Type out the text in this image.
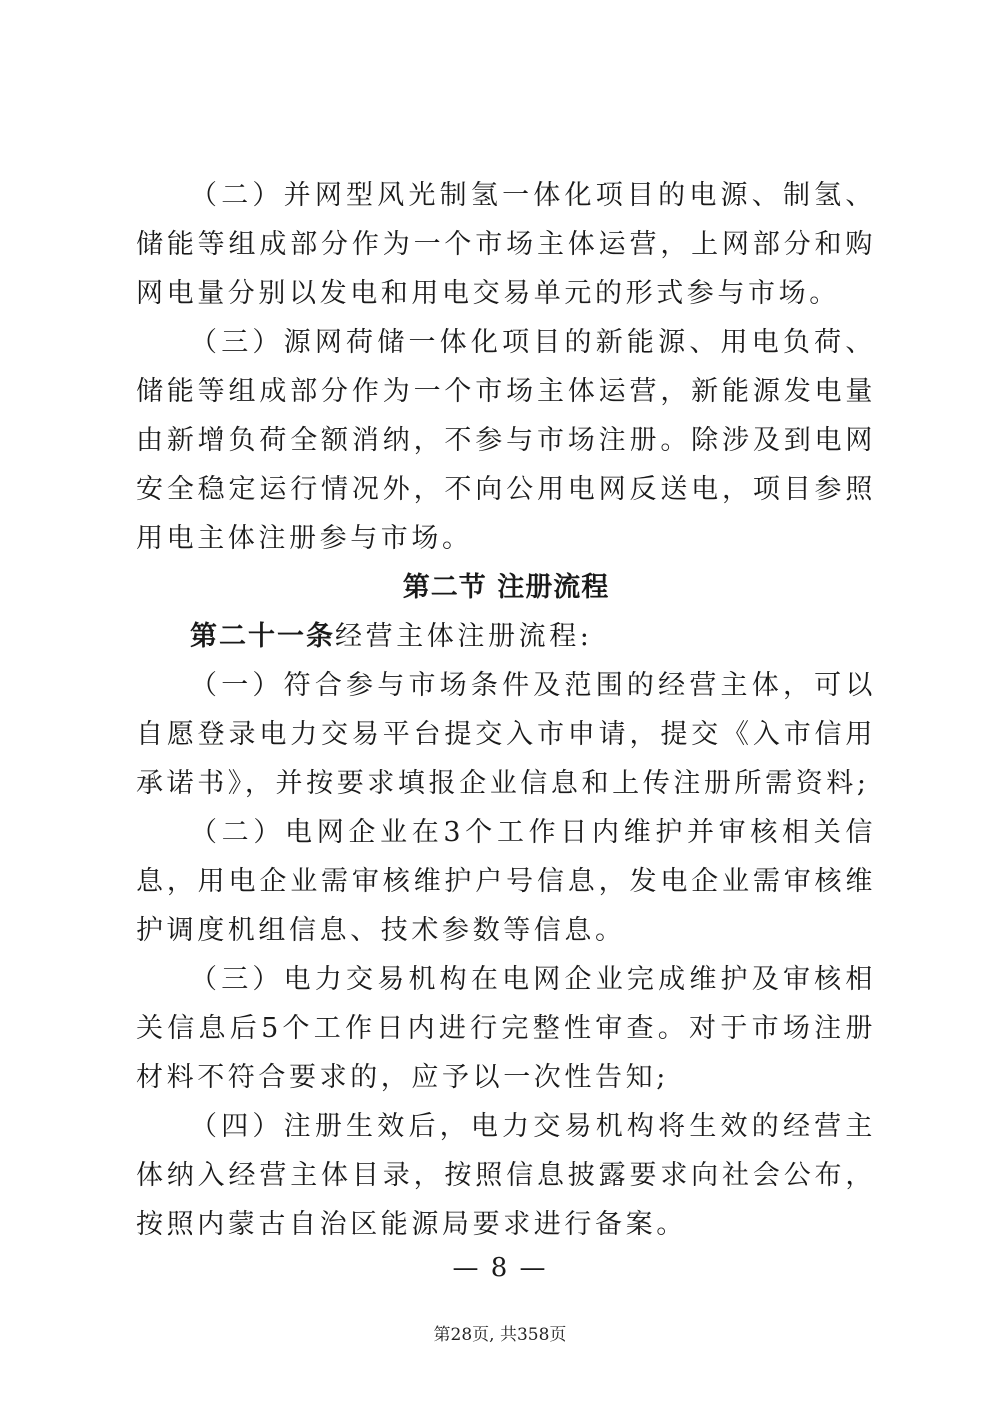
（二）并网型风光制氢一体化项目的电源、制氢、储能等组成部分作为一个市场主体运营，上网部分和购网电量分别以发电和用电交易单元的形式参与市场。

（三）源网荷储一体化项目的新能源、用电负荷、储能等组成部分作为一个市场主体运营，新能源发电量由新增负荷全额消纳，不参与市场注册。除涉及到电网安全稳定运行情况外，不向公用电网反送电，项目参照用电主体注册参与市场。

第二节 注册流程

第二十一条经营主体注册流程:

（一）符合参与市场条件及范围的经营主体，可以自愿登录电力交易平台提交入市申请，提交《入市信用承诺书》，并按要求填报企业信息和上传注册所需资料;

（二）电网企业在3个工作日内维护并审核相关信息，用电企业需审核维护户号信息，发电企业需审核维护调度机组信息、技术参数等信息。

（三）电力交易机构在电网企业完成维护及审核相关信息后5个工作日内进行完整性审查。对于市场注册材料不符合要求的，应予以一次性告知;

（四）注册生效后，电力交易机构将生效的经营主体纳入经营主体目录，按照信息披露要求向社会公布，按照内蒙古自治区能源局要求进行备案。

— 8 —
第28页, 共358页
